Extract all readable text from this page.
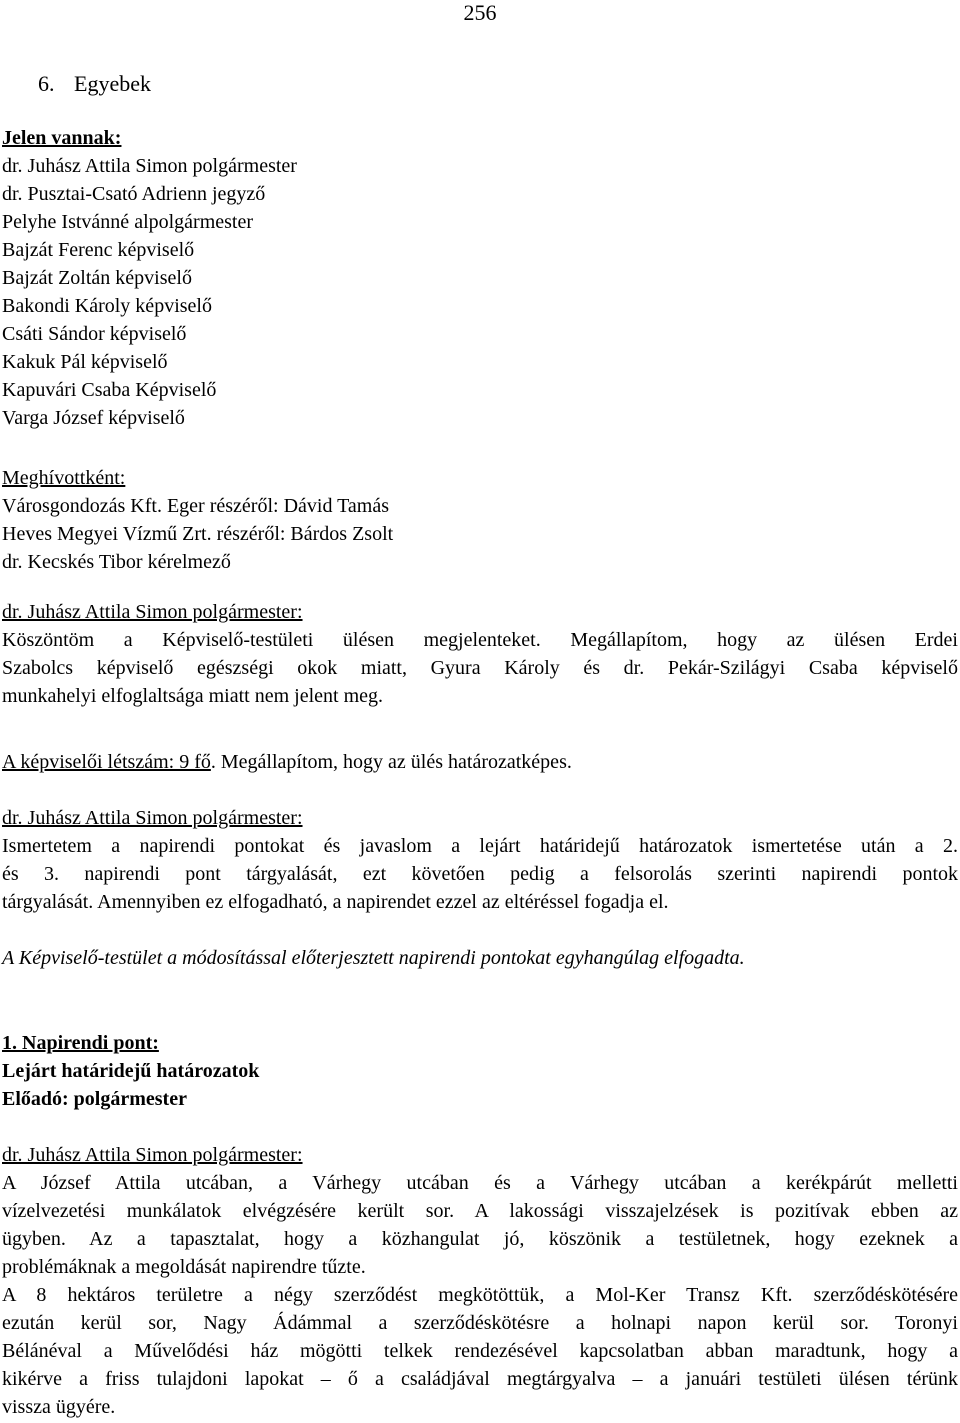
256
6. Egyebek
Jelen vannak:
dr. Juhász Attila Simon polgármester
dr. Pusztai-Csató Adrienn jegyző
Pelyhe Istvánné alpolgármester
Bajzát Ferenc képviselő
Bajzát Zoltán képviselő
Bakondi Károly képviselő
Csáti Sándor képviselő
Kakuk Pál képviselő
Kapuvári Csaba Képviselő
Varga József képviselő
Meghívottként:
Városgondozás Kft. Eger részéről: Dávid Tamás
Heves Megyei Vízmű Zrt. részéről: Bárdos Zsolt
dr. Kecskés Tibor kérelmező
dr. Juhász Attila Simon polgármester:
Köszöntöm a Képviselő-testületi ülésen megjelenteket. Megállapítom, hogy az ülésen Erdei
Szabolcs képviselő egészségi okok miatt, Gyura Károly és dr. Pekár-Szilágyi Csaba képviselő
munkahelyi elfoglaltsága miatt nem jelent meg.
A képviselői létszám: 9 fő. Megállapítom, hogy az ülés határozatképes.
dr. Juhász Attila Simon polgármester:
Ismertetem a napirendi pontokat és javaslom a lejárt határidejű határozatok ismertetése után a 2.
és 3. napirendi pont tárgyalását, ezt követően pedig a felsorolás szerinti napirendi pontok
tárgyalását. Amennyiben ez elfogadható, a napirendet ezzel az eltéréssel fogadja el.
A Képviselő-testület a módosítással előterjesztett napirendi pontokat egyhangúlag elfogadta.
1. Napirendi pont:
Lejárt határidejű határozatok
Előadó: polgármester
dr. Juhász Attila Simon polgármester:
A József Attila utcában, a Várhegy utcában és a Várhegy utcában a kerékpárút melletti
vízelvezetési munkálatok elvégzésére került sor. A lakossági visszajelzések is pozitívak ebben az
ügyben. Az a tapasztalat, hogy a közhangulat jó, köszönik a testületnek, hogy ezeknek a
problémáknak a megoldását napirendre tűzte.
A 8 hektáros területre a négy szerződést megkötöttük, a Mol-Ker Transz Kft. szerződéskötésére
ezután kerül sor, Nagy Ádámmal a szerződéskötésre a holnapi napon kerül sor. Toronyi
Bélánéval a Művelődési ház mögötti telkek rendezésével kapcsolatban abban maradtunk, hogy a
kikérve a friss tulajdoni lapokat – ő a családjával megtárgyalva – a januári testületi ülésen térünk
vissza ügyére.
